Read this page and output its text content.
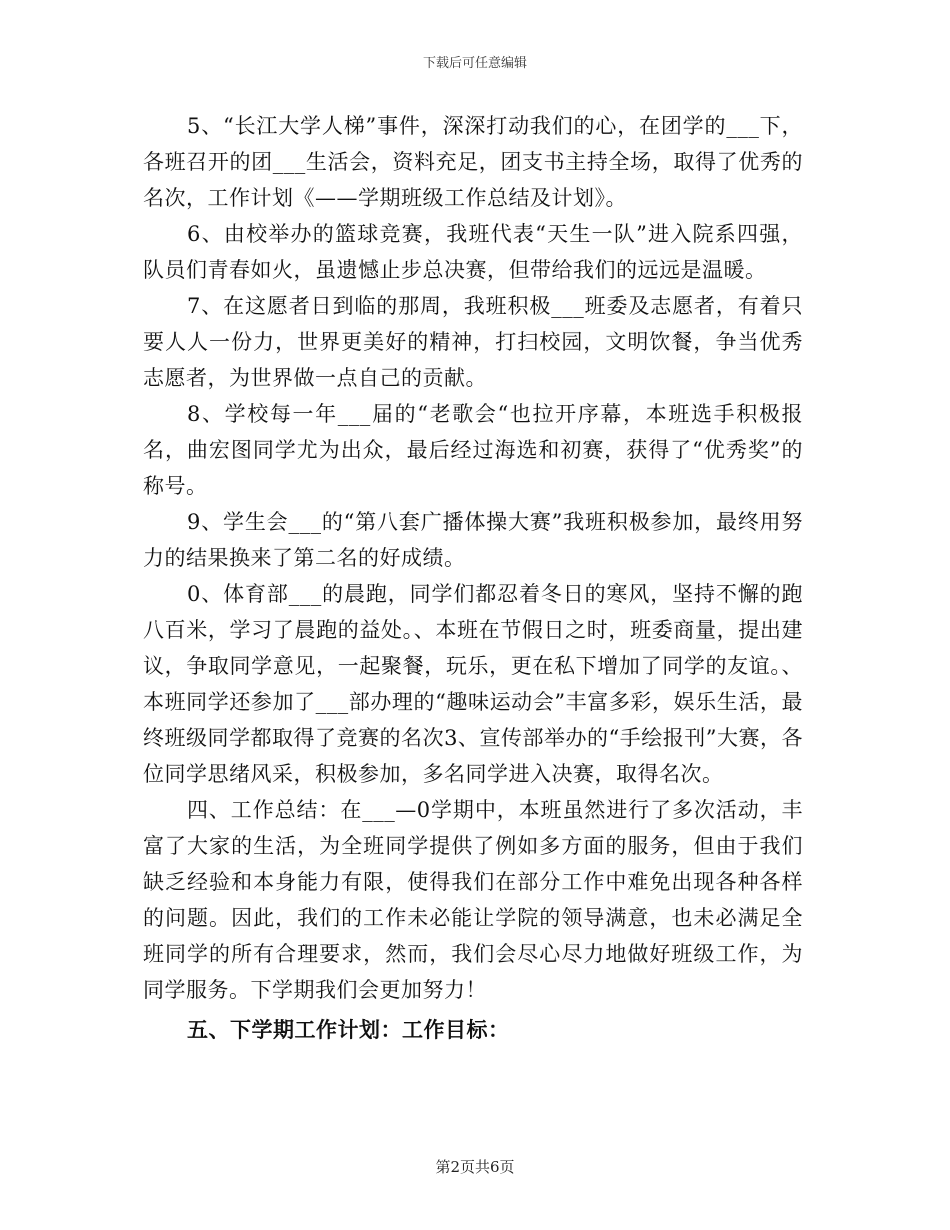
下载后可任意编辑

5、“长江大学人梯”事件，深深打动我们的心，在团学的___下，各班召开的团___生活会，资料充足，团支书主持全场，取得了优秀的名次，工作计划《——学期班级工作总结及计划》。

6、由校举办的篮球竞赛，我班代表“天生一队”进入院系四强，队员们青春如火，虽遗憾止步总决赛，但带给我们的远远是温暖。

7、在这愿者日到临的那周，我班积极___班委及志愿者，有着只要人人一份力，世界更美好的精神，打扫校园，文明饮餐，争当优秀志愿者，为世界做一点自己的贡献。

8、学校每一年___届的“老歌会“也拉开序幕，本班选手积极报名，曲宏图同学尤为出众，最后经过海选和初赛，获得了“优秀奖”的称号。

9、学生会___的“第八套广播体操大赛”我班积极参加，最终用努力的结果换来了第二名的好成绩。

0、体育部___的晨跑，同学们都忍着冬日的寒风，坚持不懈的跑八百米，学习了晨跑的益处。、本班在节假日之时，班委商量，提出建议，争取同学意见，一起聚餐，玩乐，更在私下增加了同学的友谊。、本班同学还参加了___部办理的“趣味运动会”丰富多彩，娱乐生活，最终班级同学都取得了竞赛的名次3、宣传部举办的“手绘报刊”大赛，各位同学思绪风采，积极参加，多名同学进入决赛，取得名次。

四、工作总结：在___—0学期中，本班虽然进行了多次活动，丰富了大家的生活，为全班同学提供了例如多方面的服务，但由于我们缺乏经验和本身能力有限，使得我们在部分工作中难免出现各种各样的问题。因此，我们的工作未必能让学院的领导满意，也未必满足全班同学的所有合理要求，然而，我们会尽心尽力地做好班级工作，为同学服务。下学期我们会更加努力！

五、下学期工作计划：工作目标：

第2页共6页
